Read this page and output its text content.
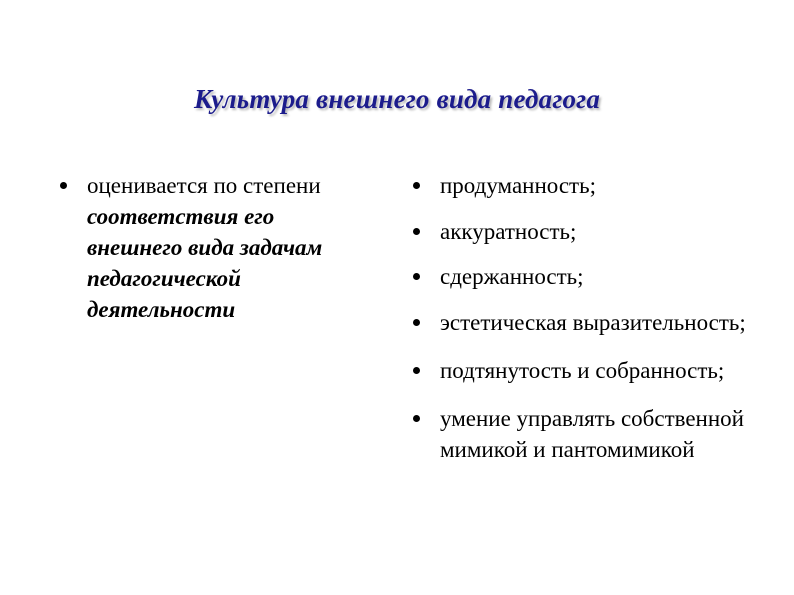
Культура внешнего вида педагога
оценивается по степени
соответствия его
внешнего вида задачам
педагогической
деятельности
продуманность;
аккуратность;
сдержанность;
эстетическая выразительность;
подтянутость и собранность;
умение управлять собственной мимикой и пантомимикой
